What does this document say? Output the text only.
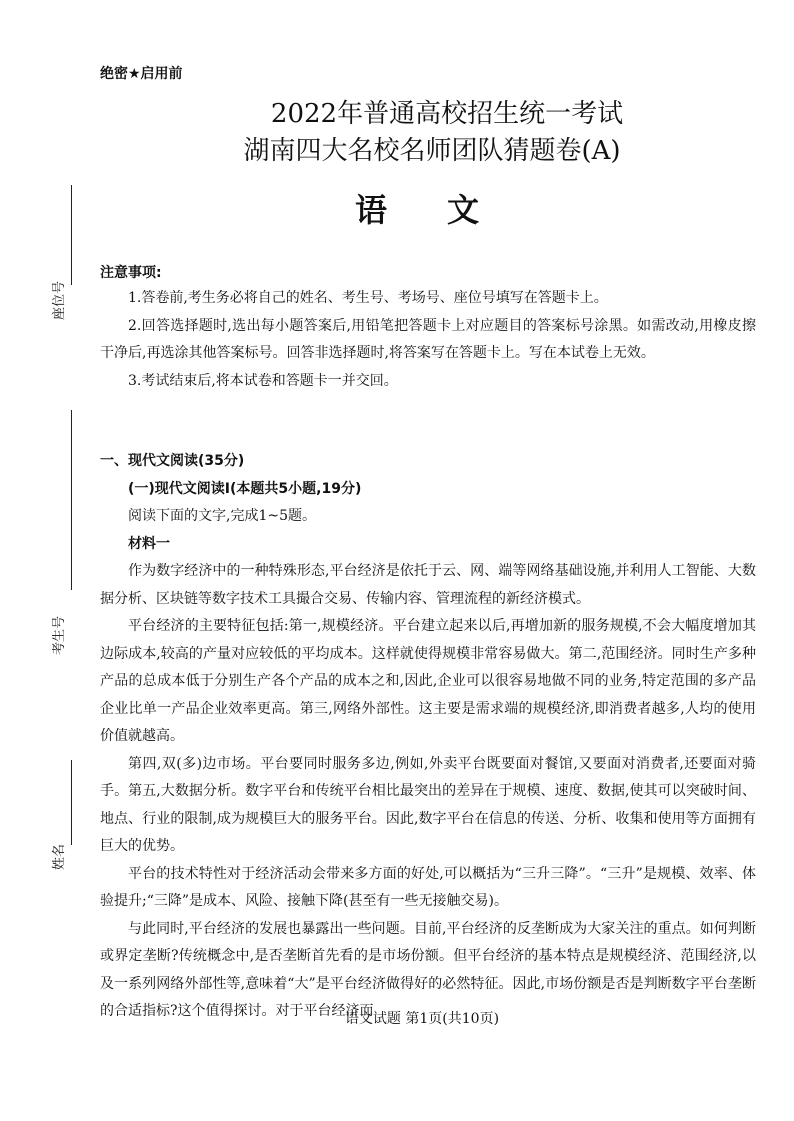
绝密★启用前
2022年普通高校招生统一考试
湖南四大名校名师团队猜题卷(A)
语文
座位号
考生号
姓名
注意事项:

1.答卷前,考生务必将自己的姓名、考生号、考场号、座位号填写在答题卡上。

2.回答选择题时,选出每小题答案后,用铅笔把答题卡上对应题目的答案标号涂黑。如需改动,用橡皮擦干净后,再选涂其他答案标号。回答非选择题时,将答案写在答题卡上。写在本试卷上无效。

3.考试结束后,将本试卷和答题卡一并交回。

一、现代文阅读(35分)

(一)现代文阅读Ⅰ(本题共5小题,19分)

阅读下面的文字,完成1~5题。

材料一

作为数字经济中的一种特殊形态,平台经济是依托于云、网、端等网络基础设施,并利用人工智能、大数据分析、区块链等数字技术工具撮合交易、传输内容、管理流程的新经济模式。

平台经济的主要特征包括:第一,规模经济。平台建立起来以后,再增加新的服务规模,不会大幅度增加其边际成本,较高的产量对应较低的平均成本。这样就使得规模非常容易做大。第二,范围经济。同时生产多种产品的总成本低于分别生产各个产品的成本之和,因此,企业可以很容易地做不同的业务,特定范围的多产品企业比单一产品企业效率更高。第三,网络外部性。这主要是需求端的规模经济,即消费者越多,人均的使用价值就越高。

第四,双(多)边市场。平台要同时服务多边,例如,外卖平台既要面对餐馆,又要面对消费者,还要面对骑手。第五,大数据分析。数字平台和传统平台相比最突出的差异在于规模、速度、数据,使其可以突破时间、地点、行业的限制,成为规模巨大的服务平台。因此,数字平台在信息的传送、分析、收集和使用等方面拥有巨大的优势。

平台的技术特性对于经济活动会带来多方面的好处,可以概括为“三升三降”。“三升”是规模、效率、体验提升;“三降”是成本、风险、接触下降(甚至有一些无接触交易)。

与此同时,平台经济的发展也暴露出一些问题。目前,平台经济的反垄断成为大家关注的重点。如何判断或界定垄断?传统概念中,是否垄断首先看的是市场份额。但平台经济的基本特点是规模经济、范围经济,以及一系列网络外部性等,意味着“大”是平台经济做得好的必然特征。因此,市场份额是否是判断数字平台垄断的合适指标?这个值得探讨。对于平台经济而

语文试题 第1页(共10页)
